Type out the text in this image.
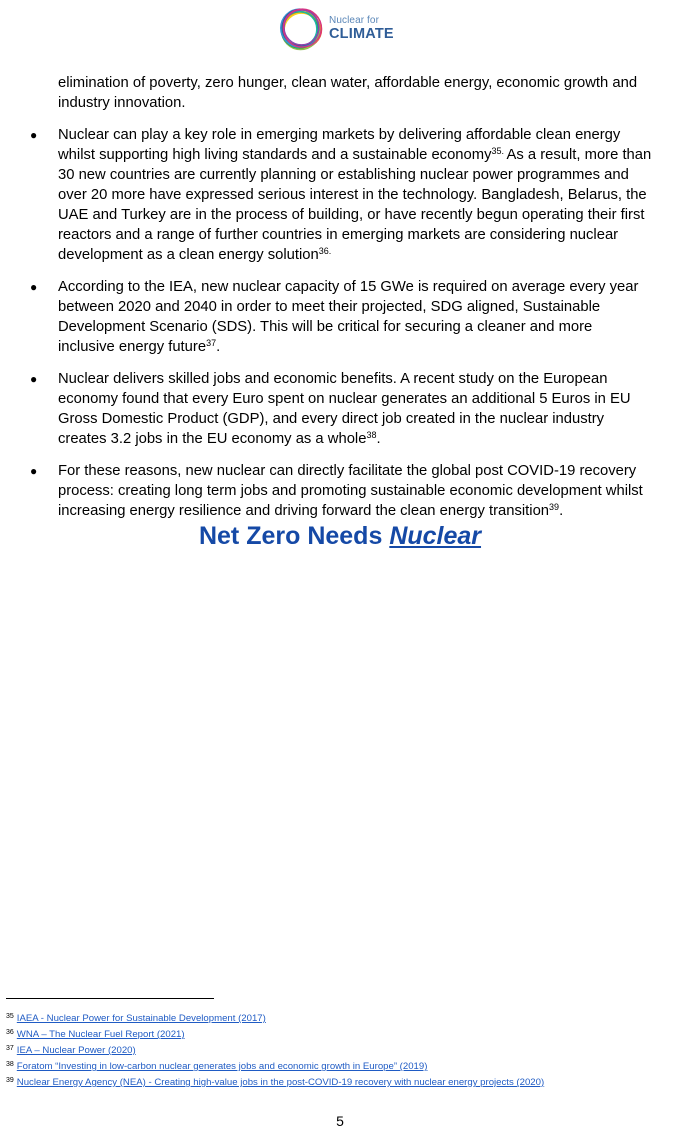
Nuclear for
CLIMATE

elimination of poverty, zero hunger, clean water, affordable energy, economic growth and industry innovation.

● Nuclear can play a key role in emerging markets by delivering affordable clean energy whilst supporting high living standards and a sustainable economy$^{35.}$ As a result, more than 30 new countries are currently planning or establishing nuclear power programmes and over 20 more have expressed serious interest in the technology. Bangladesh, Belarus, the UAE and Turkey are in the process of building, or have recently begun operating their first reactors and a range of further countries in emerging markets are considering nuclear development as a clean energy solution$^{36.}$
● According to the IEA, new nuclear capacity of 15 GWe is required on average every year between 2020 and 2040 in order to meet their projected, SDG aligned, Sustainable Development Scenario (SDS). This will be critical for securing a cleaner and more inclusive energy future$^{37}$.
● Nuclear delivers skilled jobs and economic benefits. A recent study on the European economy found that every Euro spent on nuclear generates an additional 5 Euros in EU Gross Domestic Product (GDP), and every direct job created in the nuclear industry creates 3.2 jobs in the EU economy as a whole$^{38}$.
● For these reasons, new nuclear can directly facilitate the global post COVID-19 recovery process: creating long term jobs and promoting sustainable economic development whilst increasing energy resilience and driving forward the clean energy transition$^{39}$.
Net Zero Needs Nuclear
$^{35}$ IAEA - Nuclear Power for Sustainable Development (2017)
$^{36}$ WNA – The Nuclear Fuel Report (2021)
$^{37}$ IEA – Nuclear Power (2020)
$^{38}$ Foratom “Investing in low-carbon nuclear generates jobs and economic growth in Europe” (2019)
$^{39}$ Nuclear Energy Agency (NEA) - Creating high-value jobs in the post-COVID-19 recovery with nuclear energy projects (2020)
5
